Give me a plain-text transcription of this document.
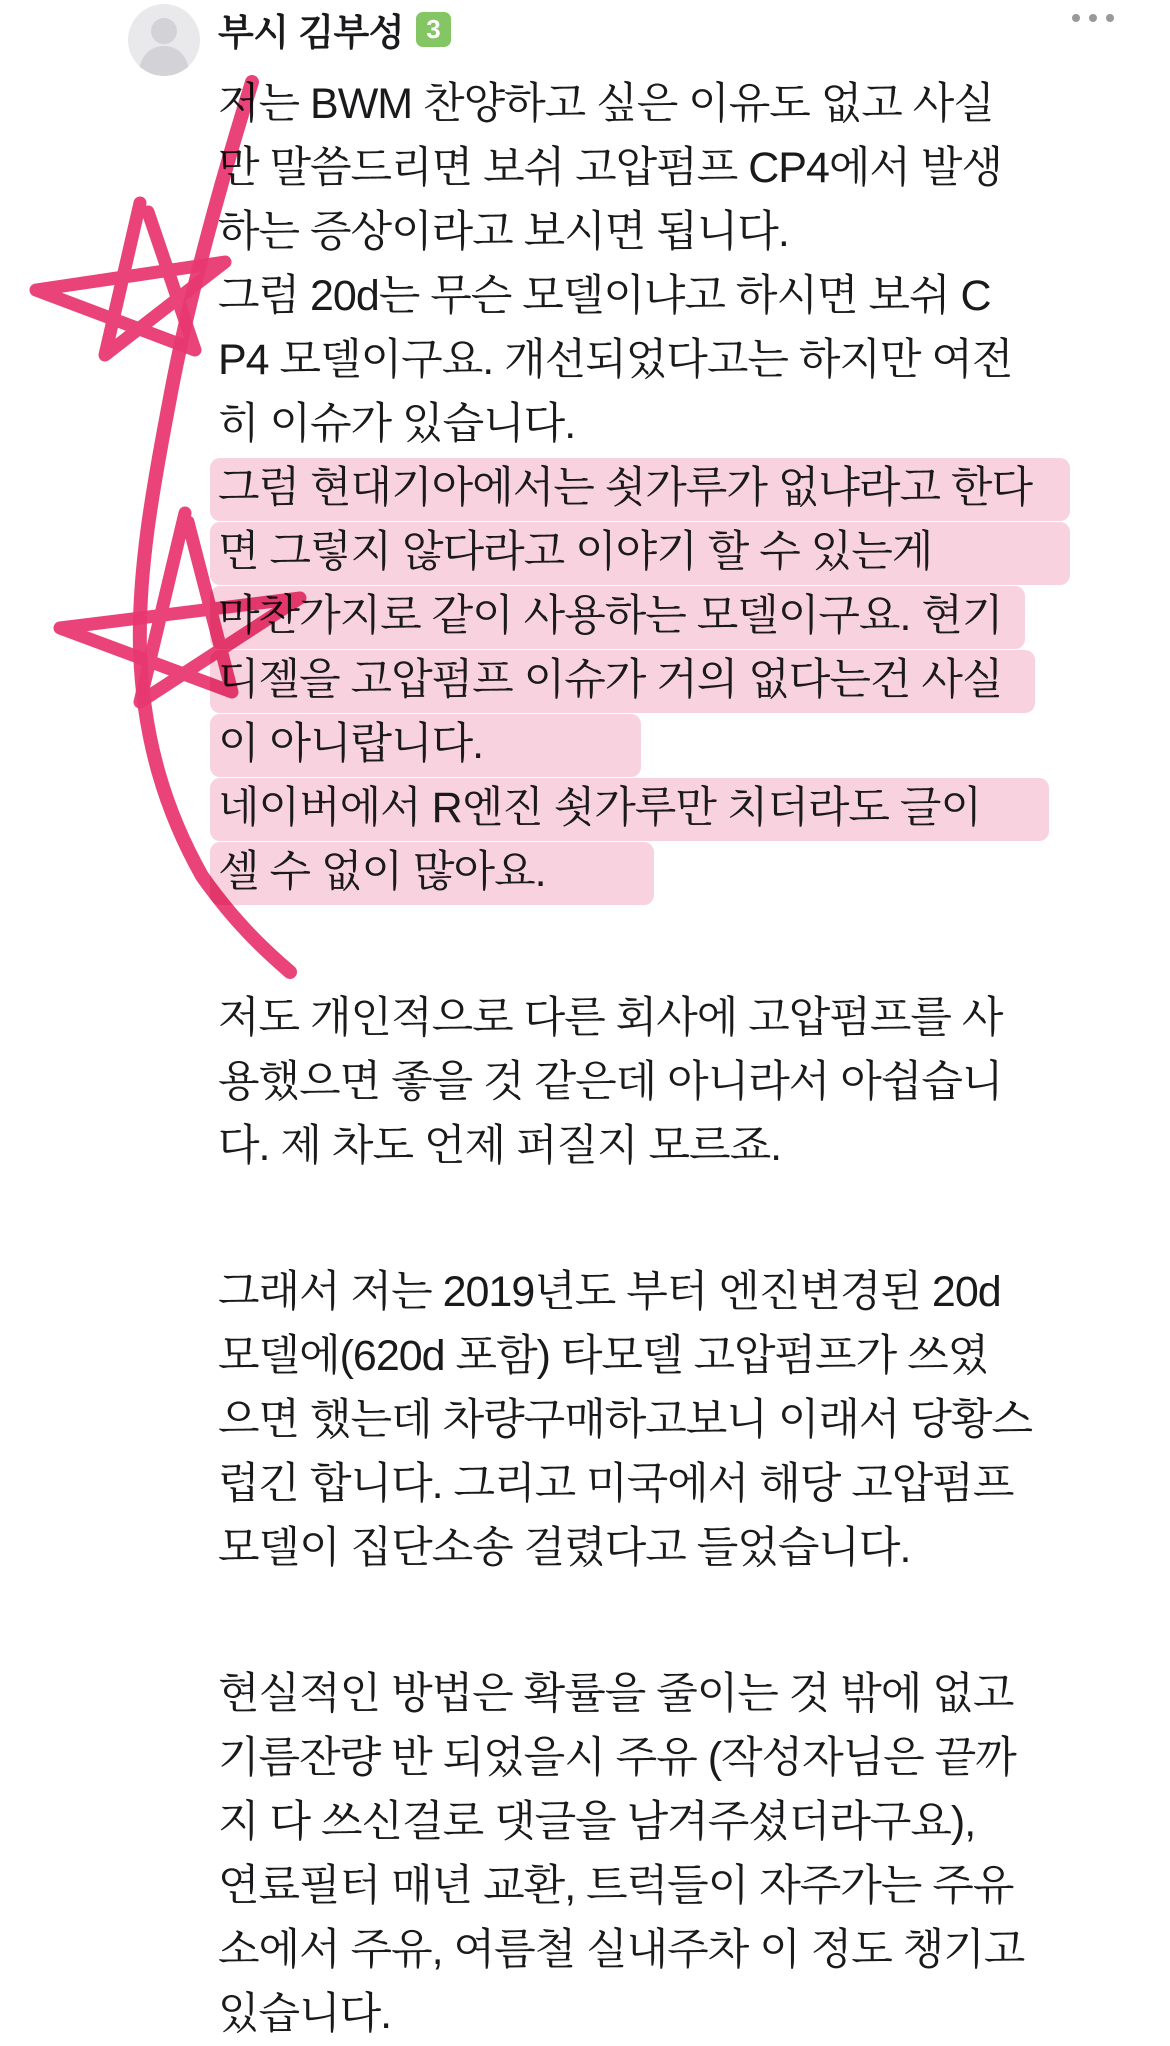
부시 김부성 3
저는 BWM 찬양하고 싶은 이유도 없고 사실
만 말씀드리면 보쉬 고압펌프 CP4에서 발생
하는 증상이라고 보시면 됩니다.
그럼 20d는 무슨 모델이냐고 하시면 보쉬 C
P4 모델이구요. 개선되었다고는 하지만 여전
히 이슈가 있습니다.
그럼 현대기아에서는 쇳가루가 없냐라고 한다
면 그렇지 않다라고 이야기 할 수 있는게
마찬가지로 같이 사용하는 모델이구요. 현기
디젤을 고압펌프 이슈가 거의 없다는건 사실
이 아니랍니다.
네이버에서 R엔진 쇳가루만 치더라도 글이
셀 수 없이 많아요.
저도 개인적으로 다른 회사에 고압펌프를 사
용했으면 좋을 것 같은데 아니라서 아쉽습니
다. 제 차도 언제 퍼질지 모르죠.
그래서 저는 2019년도 부터 엔진변경된 20d
모델에(620d 포함) 타모델 고압펌프가 쓰였
으면 했는데 차량구매하고보니 이래서 당황스
럽긴 합니다. 그리고 미국에서 해당 고압펌프
모델이 집단소송 걸렸다고 들었습니다.
현실적인 방법은 확률을 줄이는 것 밖에 없고
기름잔량 반 되었을시 주유 (작성자님은 끝까
지 다 쓰신걸로 댓글을 남겨주셨더라구요),
연료필터 매년 교환, 트럭들이 자주가는 주유
소에서 주유, 여름철 실내주차 이 정도 챙기고
있습니다.
